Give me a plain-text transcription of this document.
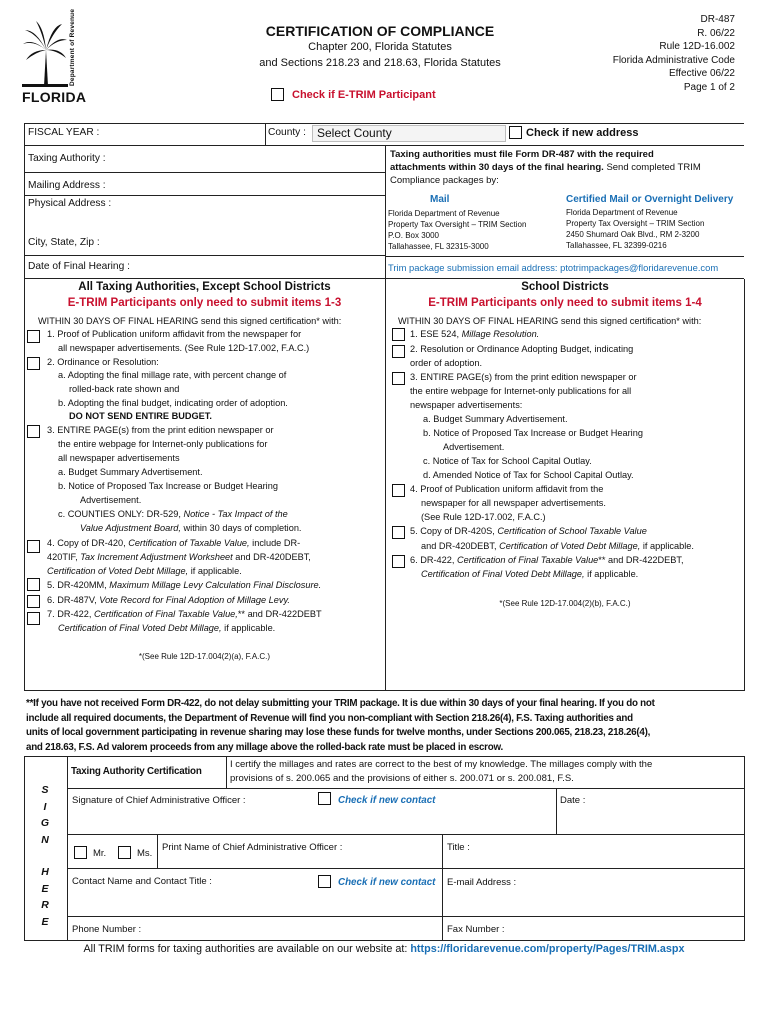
Department of Revenue
FLORIDA
CERTIFICATION OF COMPLIANCE
Chapter 200, Florida Statutes
and Sections 218.23 and 218.63, Florida Statutes
Check if E-TRIM Participant
DR-487
R. 06/22
Rule 12D-16.002
Florida Administrative Code
Effective 06/22
Page 1 of 2
FISCAL YEAR :	County : Select County	Check if new address
Taxing Authority :
Mailing Address :
Physical Address :
City, State, Zip :
Date of Final Hearing :
Taxing authorities must file Form DR-487 with the required
attachments within 30 days of the final hearing. Send completed TRIM
Compliance packages by:
Mail	Certified Mail or Overnight Delivery
Florida Department of Revenue
Property Tax Oversight – TRIM Section
P.O. Box 3000
Tallahassee, FL 32315-3000
Florida Department of Revenue
Property Tax Oversight – TRIM Section
2450 Shumard Oak Blvd., RM 2-3200
Tallahassee, FL 32399-0216
Trim package submission email address: ptotrimpackages@floridarevenue.com
All Taxing Authorities, Except School Districts
E-TRIM Participants only need to submit items 1-3
School Districts
E-TRIM Participants only need to submit items 1-4
WITHIN 30 DAYS OF FINAL HEARING send this signed certification* with:
1. Proof of Publication uniform affidavit from the newspaper for
all newspaper advertisements. (See Rule 12D-17.002, F.A.C.)
2. Ordinance or Resolution:
a. Adopting the final millage rate, with percent change of
rolled-back rate shown and
b. Adopting the final budget, indicating order of adoption.
DO NOT SEND ENTIRE BUDGET.
3. ENTIRE PAGE(s) from the print edition newspaper or
the entire webpage for Internet-only publications for
all newspaper advertisements
a. Budget Summary Advertisement.
b. Notice of Proposed Tax Increase or Budget Hearing
Advertisement.
c. COUNTIES ONLY: DR-529, Notice - Tax Impact of the
Value Adjustment Board, within 30 days of completion.
4. Copy of DR-420, Certification of Taxable Value, include DR-
420TIF, Tax Increment Adjustment Worksheet and DR-420DEBT,
Certification of Voted Debt Millage, if applicable.
5. DR-420MM, Maximum Millage Levy Calculation Final Disclosure.
6. DR-487V, Vote Record for Final Adoption of Millage Levy.
7. DR-422, Certification of Final Taxable Value,** and DR-422DEBT
Certification of Final Voted Debt Millage, if applicable.
*(See Rule 12D-17.004(2)(a), F.A.C.)
WITHIN 30 DAYS OF FINAL HEARING send this signed certification* with:
1. ESE 524, Millage Resolution.
2. Resolution or Ordinance Adopting Budget, indicating
order of adoption.
3. ENTIRE PAGE(s) from the print edition newspaper or
the entire webpage for Internet-only publications for all
newspaper advertisements:
a. Budget Summary Advertisement.
b. Notice of Proposed Tax Increase or Budget Hearing
Advertisement.
c. Notice of Tax for School Capital Outlay.
d. Amended Notice of Tax for School Capital Outlay.
4. Proof of Publication uniform affidavit from the
newspaper for all newspaper advertisements.
(See Rule 12D-17.002, F.A.C.)
5. Copy of DR-420S, Certification of School Taxable Value
and DR-420DEBT, Certification of Voted Debt Millage, if applicable.
6. DR-422, Certification of Final Taxable Value** and DR-422DEBT,
Certification of Final Voted Debt Millage, if applicable.
*(See Rule 12D-17.004(2)(b), F.A.C.)
**If you have not received Form DR-422, do not delay submitting your TRIM package. It is due within 30 days of your final hearing. If you do not
include all required documents, the Department of Revenue will find you non-compliant with Section 218.26(4), F.S. Taxing authorities and
units of local government participating in revenue sharing may lose these funds for twelve months, under Sections 200.065, 218.23, 218.26(4),
and 218.63, F.S. Ad valorem proceeds from any millage above the rolled-back rate must be placed in escrow.
S
I
G
N
H
E
R
E
Taxing Authority Certification
I certify the millages and rates are correct to the best of my knowledge. The millages comply with the
provisions of s. 200.065 and the provisions of either s. 200.071 or s. 200.081, F.S.
Signature of Chief Administrative Officer :	Check if new contact	Date :
Mr.	Ms.
Print Name of Chief Administrative Officer :	Title :
Contact Name and Contact Title :	Check if new contact E-mail Address :
Phone Number :	Fax Number :
All TRIM forms for taxing authorities are available on our website at: https://floridarevenue.com/property/Pages/TRIM.aspx
